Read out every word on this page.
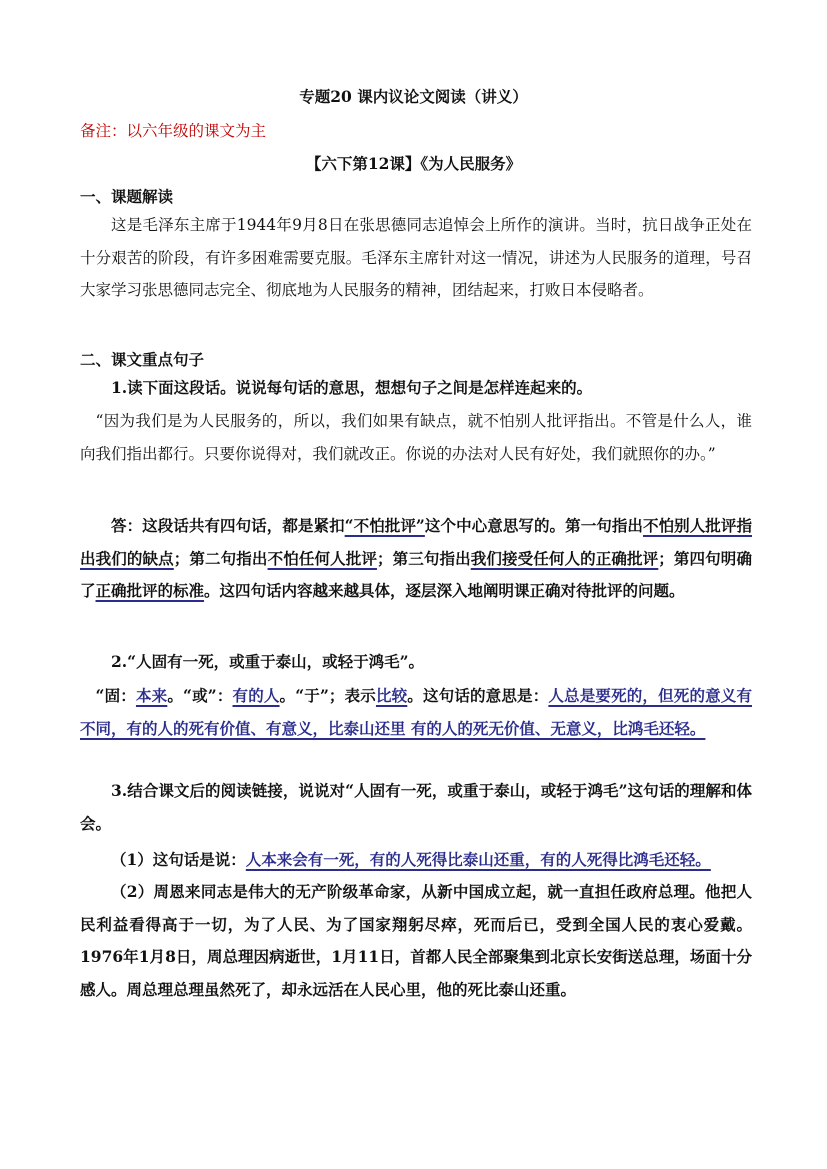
专题20 课内议论文阅读（讲义）
备注：以六年级的课文为主
【六下第12课】《为人民服务》
一、课题解读
这是毛泽东主席于1944年9月8日在张思德同志追悼会上所作的演讲。当时，抗日战争正处在十分艰苦的阶段，有许多困难需要克服。毛泽东主席针对这一情况，讲述为人民服务的道理，号召大家学习张思德同志完全、彻底地为人民服务的精神，团结起来，打败日本侵略者。
二、课文重点句子
1.读下面这段话。说说每句话的意思，想想句子之间是怎样连起来的。
“因为我们是为人民服务的，所以，我们如果有缺点，就不怕别人批评指出。不管是什么人，谁向我们指出都行。只要你说得对，我们就改正。你说的办法对人民有好处，我们就照你的办。”
答：这段话共有四句话，都是紧扣“不怕批评”这个中心意思写的。第一句指出不怕别人批评指出我们的缺点；第二句指出不怕任何人批评；第三句指出我们接受任何人的正确批评；第四句明确了正确批评的标准。这四句话内容越来越具体，逐层深入地阐明课正确对待批评的问题。
2.“人固有一死，或重于泰山，或轻于鸿毛”。
“固：本来。“或”：有的人。“于”；表示比较。这句话的意思是：人总是要死的，但死的意义有不同，有的人的死有价值、有意义，比泰山还里 有的人的死无价值、无意义，比鸿毛还轻。
3.结合课文后的阅读链接，说说对“人固有一死，或重于泰山，或轻于鸿毛”这句话的理解和体会。
（1）这句话是说：人本来会有一死，有的人死得比泰山还重，有的人死得比鸿毛还轻。
（2）周恩来同志是伟大的无产阶级革命家，从新中国成立起，就一直担任政府总理。他把人民利益看得高于一切，为了人民、为了国家翔躬尽瘁，死而后已，受到全国人民的衷心爱戴。1976年1月8日，周总理因病逝世，1月11日，首都人民全部聚集到北京长安街送总理，场面十分感人。周总理总理虽然死了，却永远活在人民心里，他的死比泰山还重。
